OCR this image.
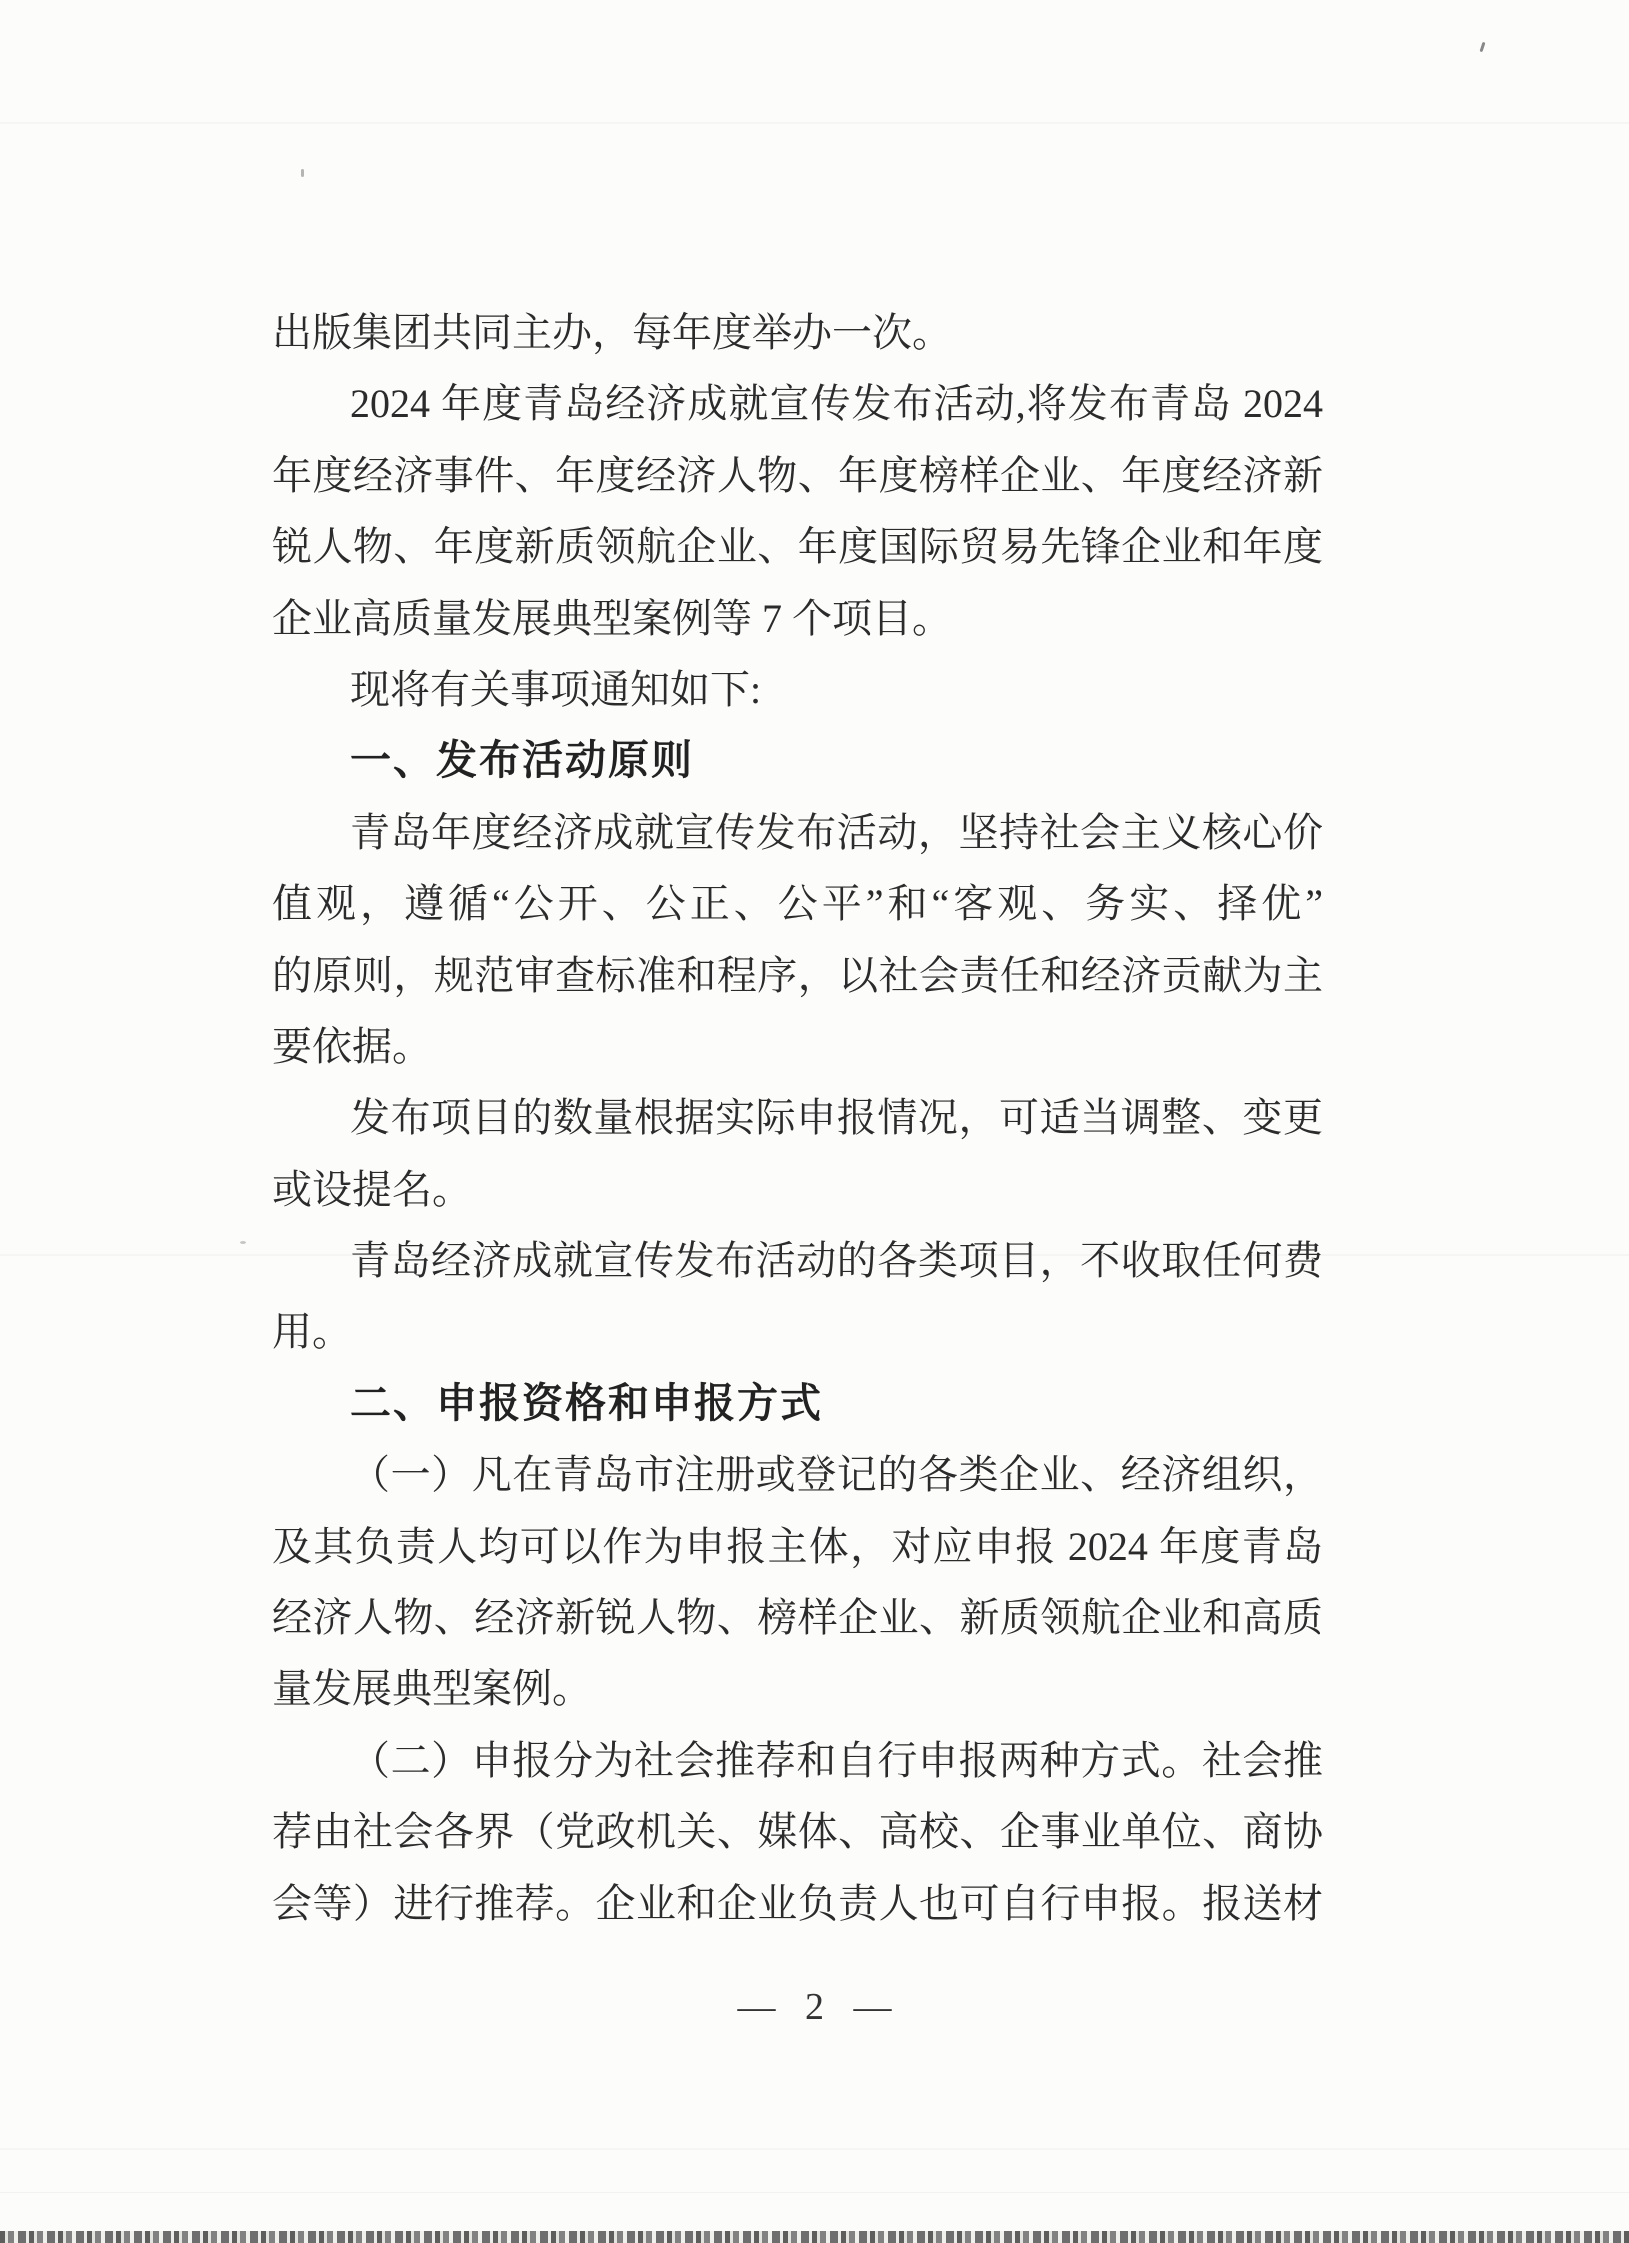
出版集团共同主办，每年度举办一次。
2024 年度青岛经济成就宣传发布活动,将发布青岛 2024
年度经济事件、年度经济人物、年度榜样企业、年度经济新
锐人物、年度新质领航企业、年度国际贸易先锋企业和年度
企业高质量发展典型案例等 7 个项目。
现将有关事项通知如下:
一、发布活动原则
青岛年度经济成就宣传发布活动，坚持社会主义核心价
值观，遵循“公开、公正、公平”和“客观、务实、择优”
的原则，规范审查标准和程序，以社会责任和经济贡献为主
要依据。
发布项目的数量根据实际申报情况，可适当调整、变更
或设提名。
青岛经济成就宣传发布活动的各类项目，不收取任何费
用。
二、申报资格和申报方式
（一）凡在青岛市注册或登记的各类企业、经济组织，
及其负责人均可以作为申报主体，对应申报 2024 年度青岛
经济人物、经济新锐人物、榜样企业、新质领航企业和高质
量发展典型案例。
（二）申报分为社会推荐和自行申报两种方式。社会推
荐由社会各界（党政机关、媒体、高校、企事业单位、商协
会等）进行推荐。企业和企业负责人也可自行申报。报送材
— 2 —
